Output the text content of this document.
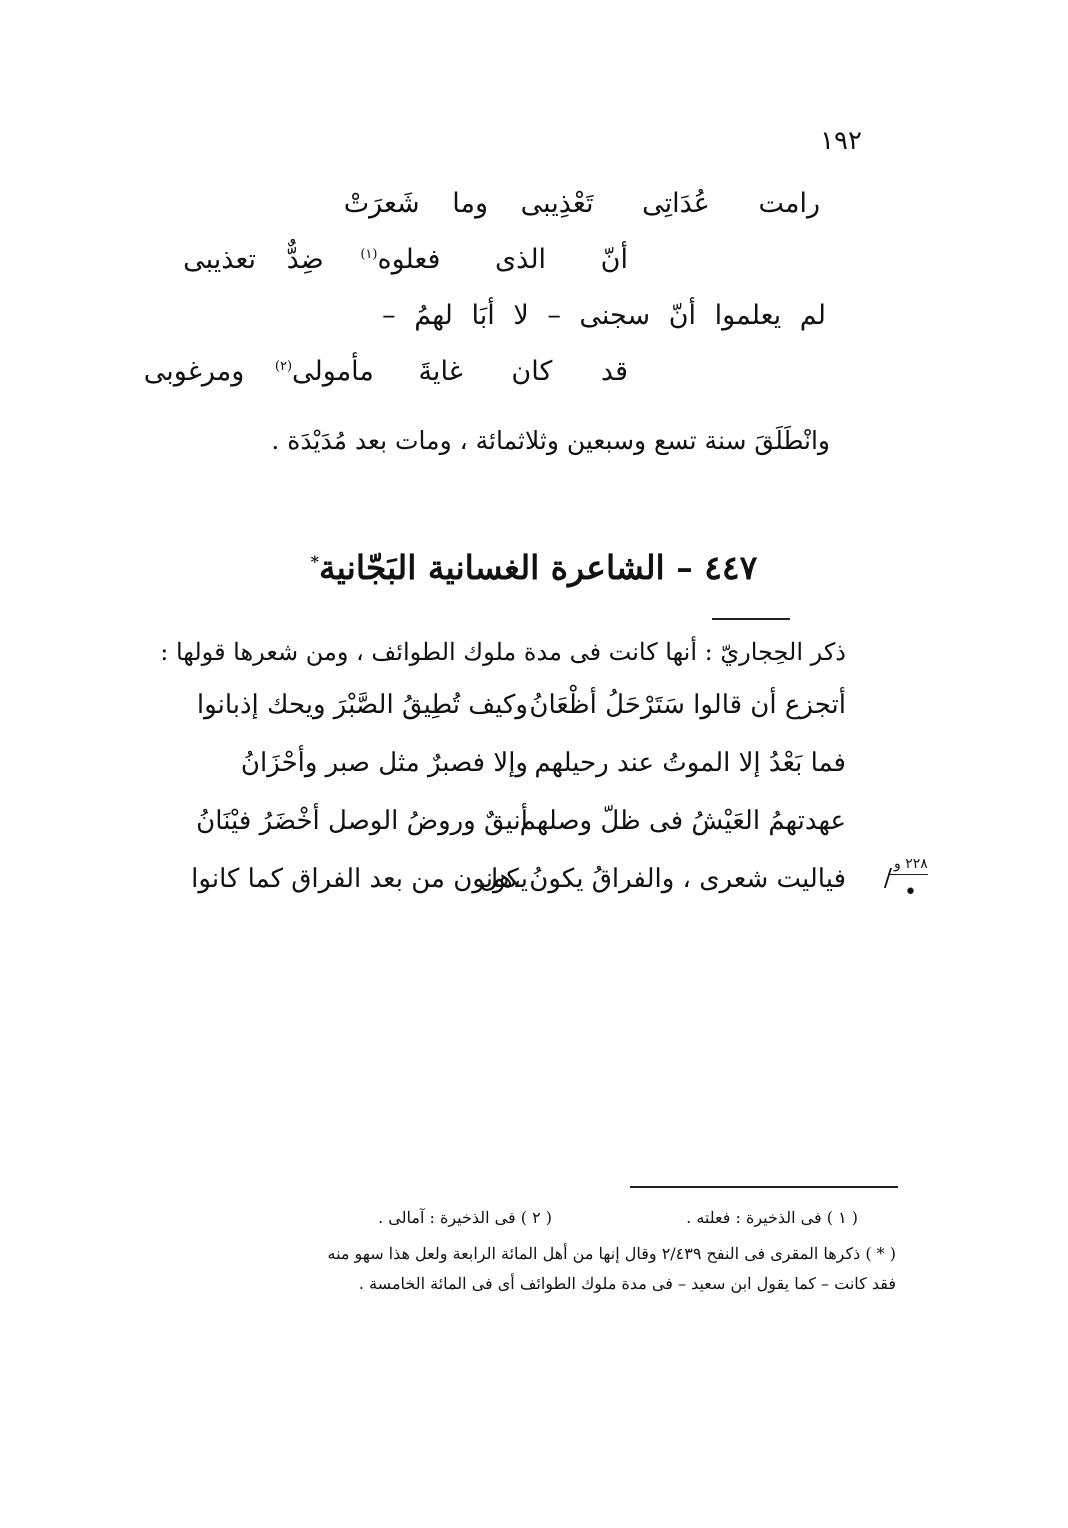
١٩٢
رامت عُدَاتِى تَعْذِيبى وما شَعرَتْ
أنّ الذى فعلوه$^{(١)}$ ضِدٌّ تعذيبى
لم يعلموا أنّ سجنى – لا أبَا لهمُ –
قد كان غايةَ مأمولى$^{(٢)}$ ومرغوبى
وانْطَلَقَ سنة تسع وسبعين وثلاثمائة ، ومات بعد مُدَيْدَة .
٤٤٧ – الشاعرة الغسانية البَجّانية*
ذكر الحِجاريّ : أنها كانت فى مدة ملوك الطوائف ، ومن شعرها قولها :
أتجزع أن قالوا سَتَرْحَلُ أظْعَانُ
وكيف تُطِيقُ الصَّبْرَ ويحك إذبانوا
فما بَعْدُ إلا الموتُ عند رحيلهم
وإلا فصبرٌ مثل صبر وأحْزَانُ
عهدتهمُ العَيْشُ فى ظلّ وصلهم
أنيقٌ وروضُ الوصل أخْضَرُ فيْنَانُ
فياليت شعرى ، والفراقُ يكونُ ،هل
يكونون من بعد الفراق كما كانوا	٢٢٨ و
•
/
( ١ ) فى الذخيرة : فعلته .
( ٢ ) فى الذخيرة : آمالى .
( * ) ذكرها المقرى فى النفح ٢/٤٣٩ وقال إنها من أهل المائة الرابعة ولعل هذا سهو منه
فقد كانت – كما يقول ابن سعيد – فى مدة ملوك الطوائف أى فى المائة الخامسة .
